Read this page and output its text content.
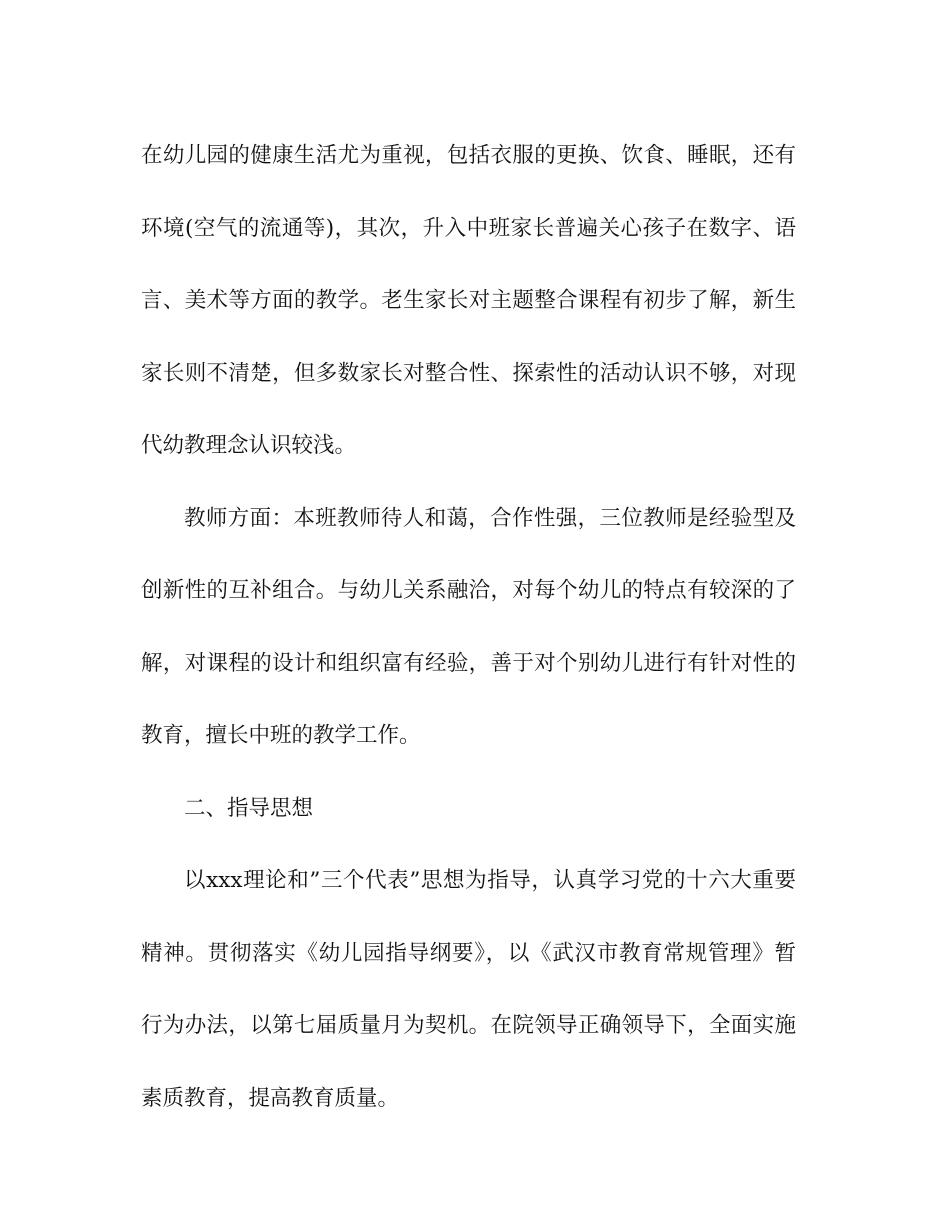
在幼儿园的健康生活尤为重视，包括衣服的更换、饮食、睡眠，还有环境(空气的流通等)，其次，升入中班家长普遍关心孩子在数字、语言、美术等方面的教学。老生家长对主题整合课程有初步了解，新生家长则不清楚，但多数家长对整合性、探索性的活动认识不够，对现代幼教理念认识较浅。

教师方面：本班教师待人和蔼，合作性强，三位教师是经验型及创新性的互补组合。与幼儿关系融洽，对每个幼儿的特点有较深的了解，对课程的设计和组织富有经验，善于对个别幼儿进行有针对性的教育，擅长中班的教学工作。

二、指导思想

以xxx理论和”三个代表”思想为指导，认真学习党的十六大重要精神。贯彻落实《幼儿园指导纲要》，以《武汉市教育常规管理》暂行为办法，以第七届质量月为契机。在院领导正确领导下，全面实施素质教育，提高教育质量。
